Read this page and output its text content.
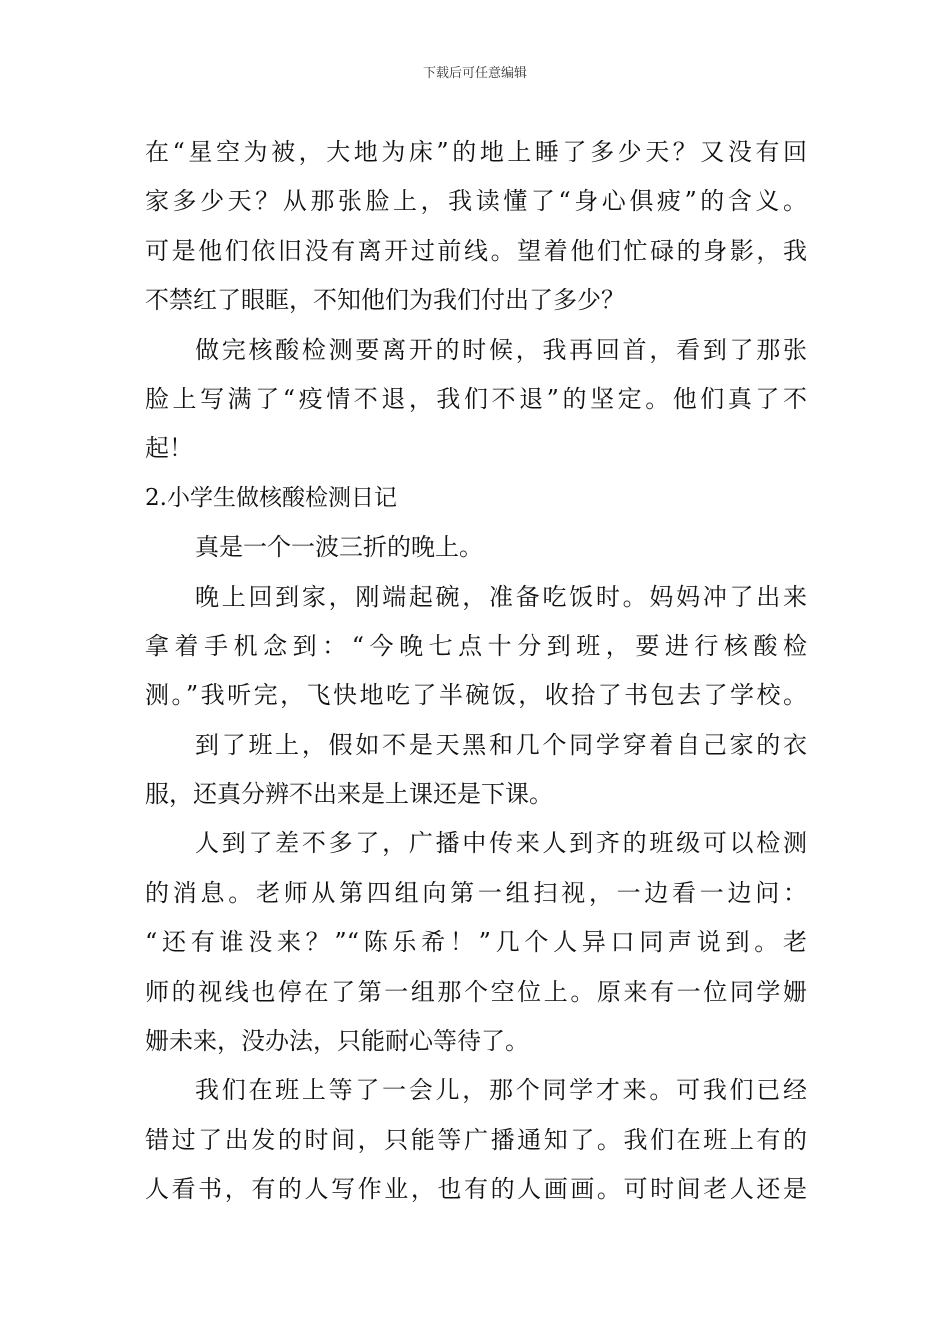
下载后可任意编辑
在“星空为被，大地为床”的地上睡了多少天？又没有回
家多少天？从那张脸上，我读懂了“身心俱疲”的含义。
可是他们依旧没有离开过前线。望着他们忙碌的身影，我
不禁红了眼眶，不知他们为我们付出了多少？
做完核酸检测要离开的时候，我再回首，看到了那张
脸上写满了“疫情不退，我们不退”的坚定。他们真了不
起！
2.小学生做核酸检测日记
真是一个一波三折的晚上。
晚上回到家，刚端起碗，准备吃饭时。妈妈冲了出来
拿着手机念到：“今晚七点十分到班，要进行核酸检
测。”我听完，飞快地吃了半碗饭，收拾了书包去了学校。
到了班上，假如不是天黑和几个同学穿着自己家的衣
服，还真分辨不出来是上课还是下课。
人到了差不多了，广播中传来人到齐的班级可以检测
的消息。老师从第四组向第一组扫视，一边看一边问：
“还有谁没来？”“陈乐希！”几个人异口同声说到。老
师的视线也停在了第一组那个空位上。原来有一位同学姗
姗未来，没办法，只能耐心等待了。
我们在班上等了一会儿，那个同学才来。可我们已经
错过了出发的时间，只能等广播通知了。我们在班上有的
人看书，有的人写作业，也有的人画画。可时间老人还是
